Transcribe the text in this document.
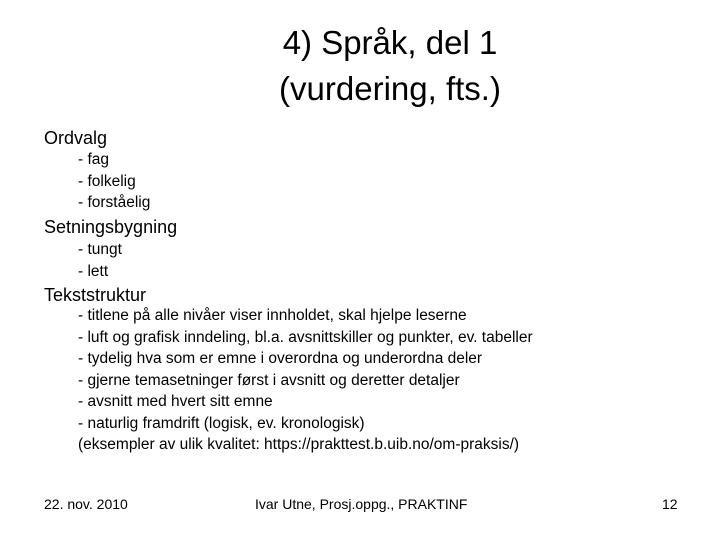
4) Språk, del 1
(vurdering, fts.)
Ordvalg
- fag
- folkelig
- forståelig
Setningsbygning
- tungt
- lett
Tekststruktur
- titlene på alle nivåer viser innholdet, skal hjelpe leserne
- luft og grafisk inndeling, bl.a. avsnittskiller og punkter, ev. tabeller
- tydelig hva som er emne i overordna og underordna deler
- gjerne temasetninger først i avsnitt og deretter detaljer
- avsnitt med hvert sitt emne
- naturlig framdrift (logisk, ev. kronologisk)
(eksempler av ulik kvalitet: https://prakttest.b.uib.no/om-praksis/)
22. nov. 2010	Ivar Utne, Prosj.oppg., PRAKTINF	12
